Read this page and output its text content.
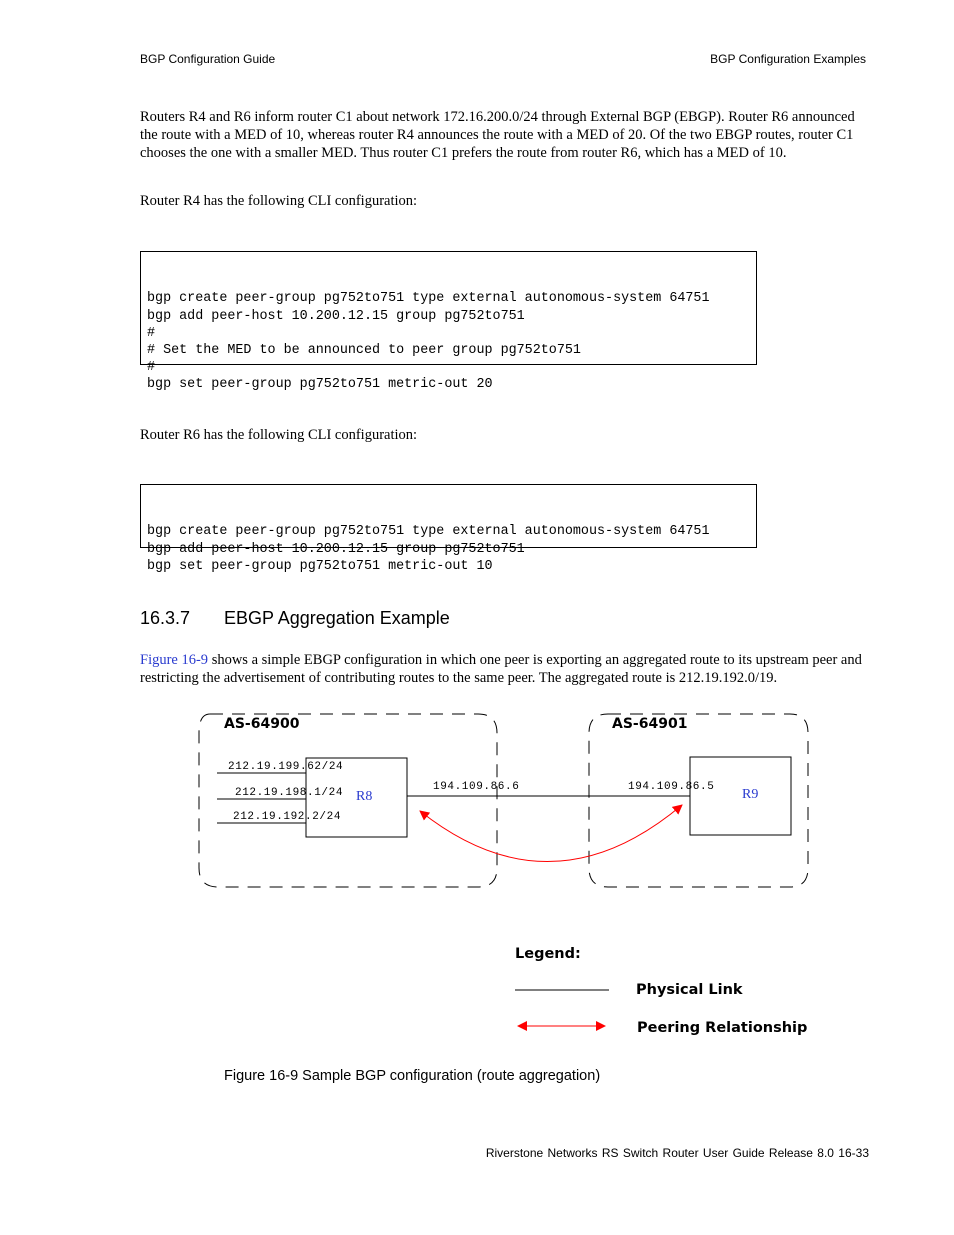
BGP Configuration Guide	BGP Configuration Examples

Routers R4 and R6 inform router C1 about network 172.16.200.0/24 through External BGP (EBGP). Router R6 announced the route with a MED of 10, whereas router R4 announces the route with a MED of 20. Of the two EBGP routes, router C1 chooses the one with a smaller MED. Thus router C1 prefers the route from router R6, which has a MED of 10.

Router R4 has the following CLI configuration:

bgp create peer-group pg752to751 type external autonomous-system 64751
bgp add peer-host 10.200.12.15 group pg752to751
#
# Set the MED to be announced to peer group pg752to751
#
bgp set peer-group pg752to751 metric-out 20

Router R6 has the following CLI configuration:

bgp create peer-group pg752to751 type external autonomous-system 64751
bgp add peer-host 10.200.12.15 group pg752to751
bgp set peer-group pg752to751 metric-out 10

16.3.7 EBGP Aggregation Example

Figure 16-9 shows a simple EBGP configuration in which one peer is exporting an aggregated route to its upstream peer and restricting the advertisement of contributing routes to the same peer. The aggregated route is 212.19.192.0/19.

AS-64900	AS-64901
R8	R9
212.19.199.62/24
212.19.198.1/24
212.19.192.2/24
194.109.86.6	194.109.86.5
Legend:
Physical Link
Peering Relationship
Figure 16-9 Sample BGP configuration (route aggregation)
Riverstone Networks RS Switch Router User Guide Release 8.0 16-33
